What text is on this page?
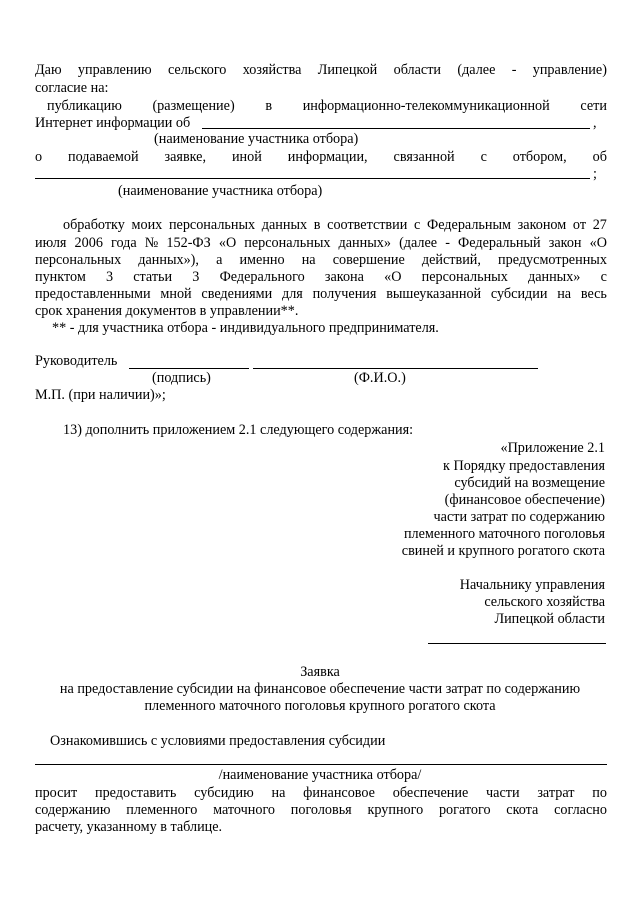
Даю управлению сельского хозяйства Липецкой области (далее - управление)
согласие на:
публикацию (размещение) в информационно-телекоммуникационной сети
Интернет информации об	,
(наименование участника отбора)
о подаваемой заявке, иной информации, связанной с отбором, об
;
(наименование участника отбора)
обработку моих персональных данных в соответствии с Федеральным законом от 27
июля 2006 года № 152-ФЗ «О персональных данных» (далее - Федеральный закон «О
персональных данных»), а именно на совершение действий, предусмотренных
пунктом 3 статьи 3 Федерального закона «О персональных данных» с
предоставленными мной сведениями для получения вышеуказанной субсидии на весь
срок хранения документов в управлении**.
** - для участника отбора - индивидуального предпринимателя.
Руководитель
(подпись)	(Ф.И.О.)
М.П. (при наличии)»;
13) дополнить приложением 2.1 следующего содержания:
«Приложение 2.1
к Порядку предоставления
субсидий на возмещение
(финансовое обеспечение)
части затрат по содержанию
племенного маточного поголовья
свиней и крупного рогатого скота
Начальнику управления
сельского хозяйства
Липецкой области
Заявка
на предоставление субсидии на финансовое обеспечение части затрат по содержанию
племенного маточного поголовья крупного рогатого скота
Ознакомившись с условиями предоставления субсидии
/наименование участника отбора/
просит предоставить субсидию на финансовое обеспечение части затрат по
содержанию племенного маточного поголовья крупного рогатого скота согласно
расчету, указанному в таблице.
